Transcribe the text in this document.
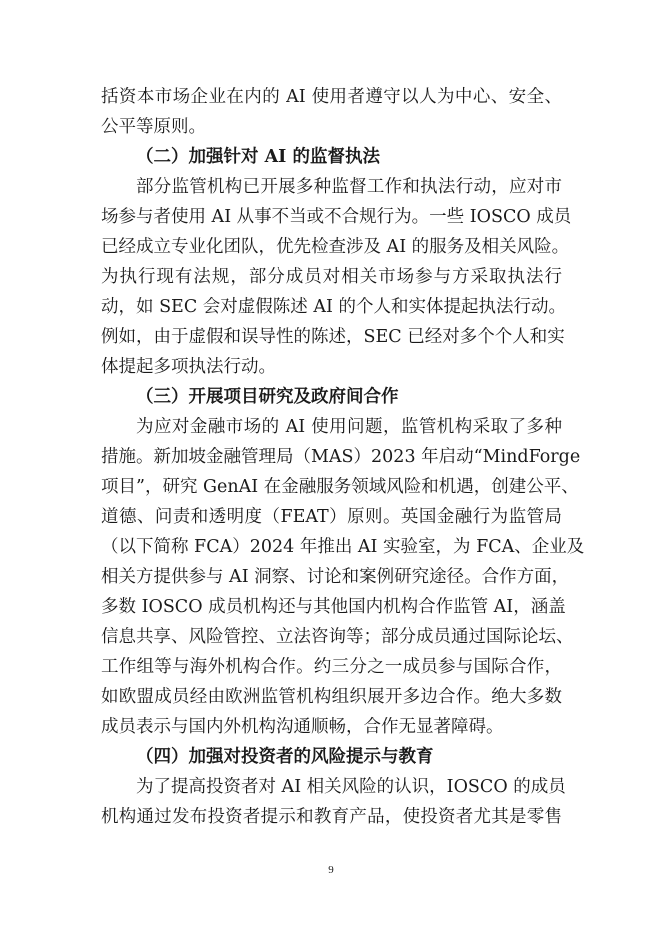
括资本市场企业在内的 AI 使用者遵守以人为中心、安全、
公平等原则。
（二）加强针对 AI 的监督执法
部分监管机构已开展多种监督工作和执法行动，应对市
场参与者使用 AI 从事不当或不合规行为。一些 IOSCO 成员
已经成立专业化团队，优先检查涉及 AI 的服务及相关风险。
为执行现有法规，部分成员对相关市场参与方采取执法行
动，如 SEC 会对虚假陈述 AI 的个人和实体提起执法行动。
例如，由于虚假和误导性的陈述，SEC 已经对多个个人和实
体提起多项执法行动。
（三）开展项目研究及政府间合作
为应对金融市场的 AI 使用问题，监管机构采取了多种
措施。新加坡金融管理局（MAS）2023 年启动“MindForge
项目”，研究 GenAI 在金融服务领域风险和机遇，创建公平、
道德、问责和透明度（FEAT）原则。英国金融行为监管局
（以下简称 FCA）2024 年推出 AI 实验室，为 FCA、企业及
相关方提供参与 AI 洞察、讨论和案例研究途径。合作方面，
多数 IOSCO 成员机构还与其他国内机构合作监管 AI，涵盖
信息共享、风险管控、立法咨询等；部分成员通过国际论坛、
工作组等与海外机构合作。约三分之一成员参与国际合作，
如欧盟成员经由欧洲监管机构组织展开多边合作。绝大多数
成员表示与国内外机构沟通顺畅，合作无显著障碍。
（四）加强对投资者的风险提示与教育
为了提高投资者对 AI 相关风险的认识，IOSCO 的成员
机构通过发布投资者提示和教育产品，使投资者尤其是零售
9
